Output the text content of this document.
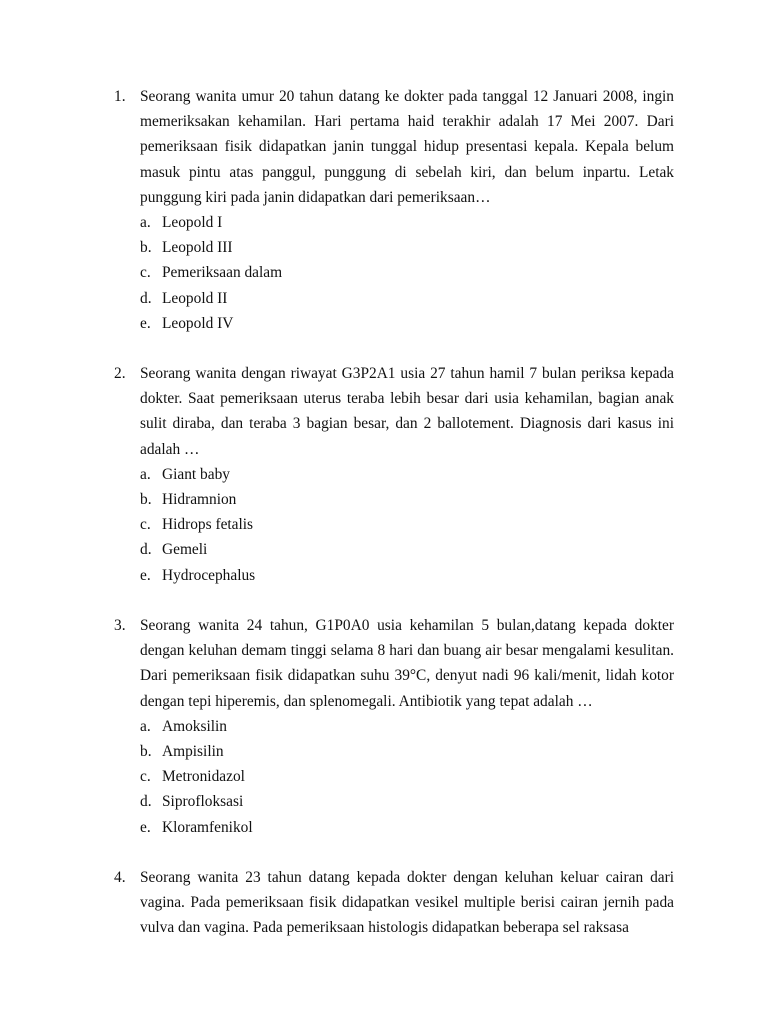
1. Seorang wanita umur 20 tahun datang ke dokter pada tanggal 12 Januari 2008, ingin memeriksakan kehamilan. Hari pertama haid terakhir adalah 17 Mei 2007. Dari pemeriksaan fisik didapatkan janin tunggal hidup presentasi kepala. Kepala belum masuk pintu atas panggul, punggung di sebelah kiri, dan belum inpartu. Letak punggung kiri pada janin didapatkan dari pemeriksaan…
a. Leopold I
b. Leopold III
c. Pemeriksaan dalam
d. Leopold II
e. Leopold IV
2. Seorang wanita dengan riwayat G3P2A1 usia 27 tahun hamil 7 bulan periksa kepada dokter. Saat pemeriksaan uterus teraba lebih besar dari usia kehamilan, bagian anak sulit diraba, dan teraba 3 bagian besar, dan 2 ballotement. Diagnosis dari kasus ini adalah …
a. Giant baby
b. Hidramnion
c. Hidrops fetalis
d. Gemeli
e. Hydrocephalus
3. Seorang wanita 24 tahun, G1P0A0 usia kehamilan 5 bulan,datang kepada dokter dengan keluhan demam tinggi selama 8 hari dan buang air besar mengalami kesulitan. Dari pemeriksaan fisik didapatkan suhu 39°C, denyut nadi 96 kali/menit, lidah kotor dengan tepi hiperemis, dan splenomegali. Antibiotik yang tepat adalah …
a. Amoksilin
b. Ampisilin
c. Metronidazol
d. Siprofloksasi
e. Kloramfenikol
4. Seorang wanita 23 tahun datang kepada dokter dengan keluhan keluar cairan dari vagina. Pada pemeriksaan fisik didapatkan vesikel multiple berisi cairan jernih pada vulva dan vagina. Pada pemeriksaan histologis didapatkan beberapa sel raksasa
